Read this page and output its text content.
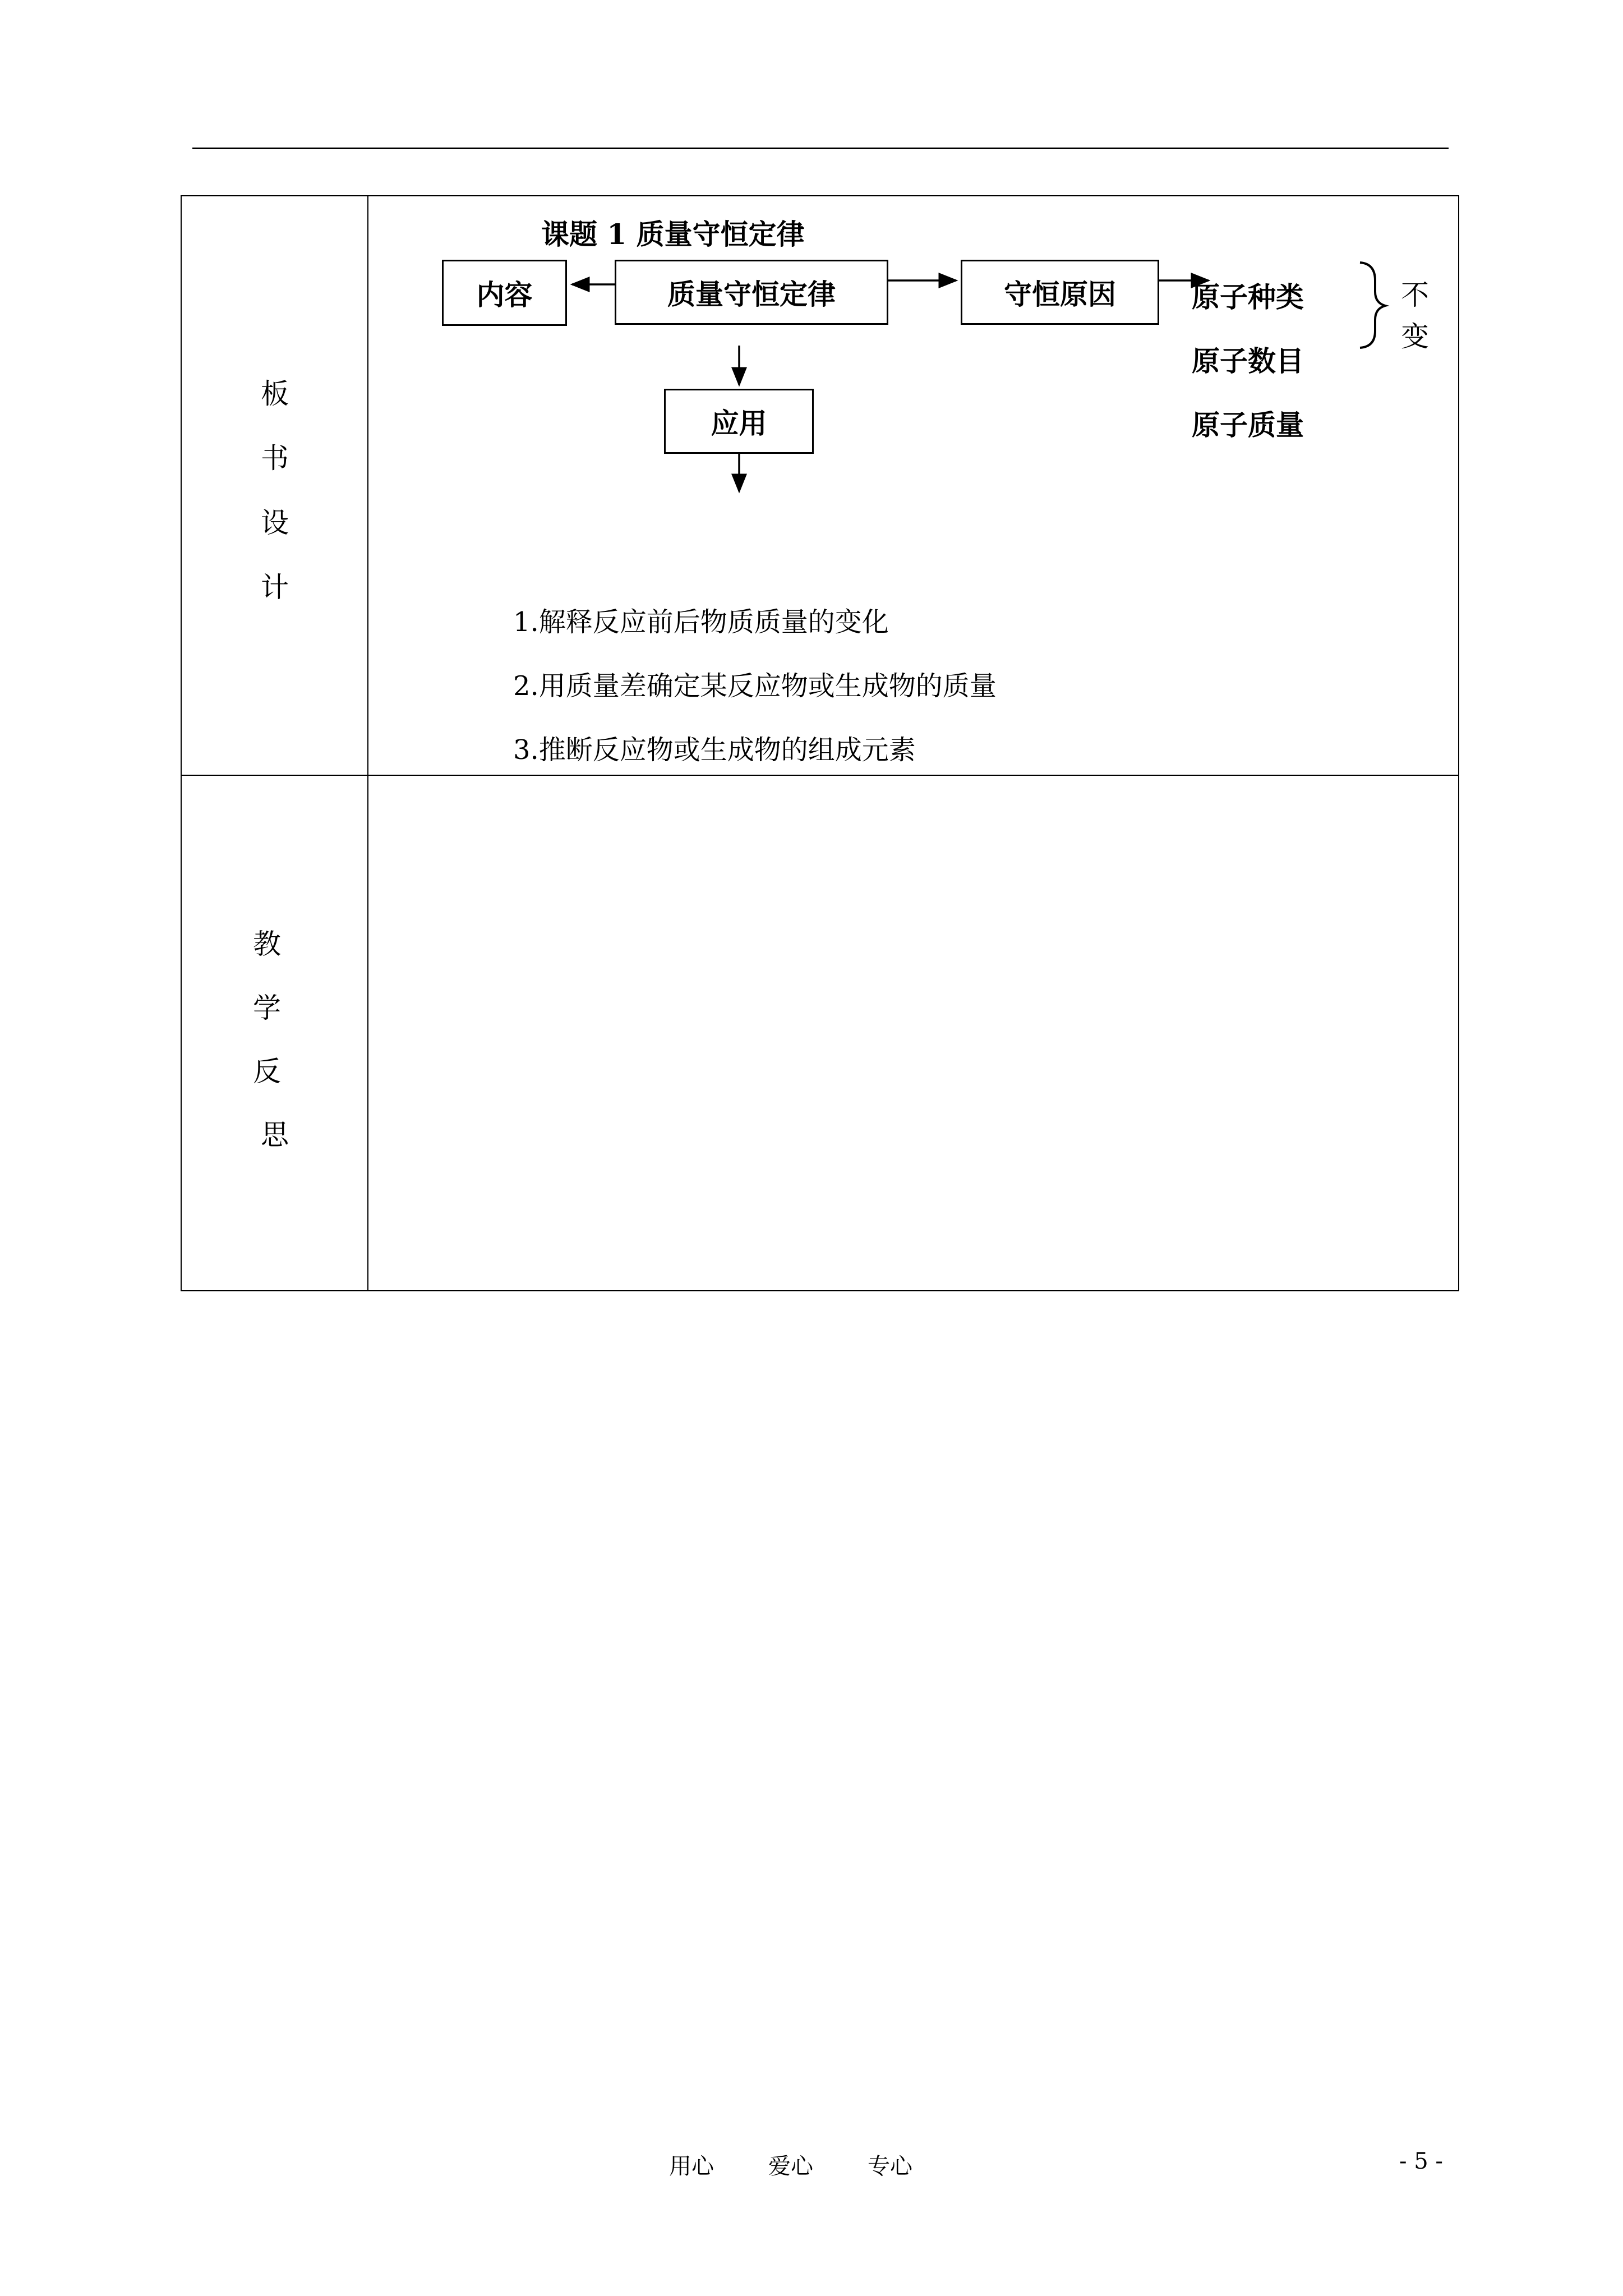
板
书
设
计
教
学
反
思
课题 1 质量守恒定律
内容	质量守恒定律	守恒原因
应用
原子种类
原子数目
原子质量
不
变
1.解释反应前后物质质量的变化
2.用质量差确定某反应物或生成物的质量
3.推断反应物或生成物的组成元素
用心 爱心 专心	- 5 -
